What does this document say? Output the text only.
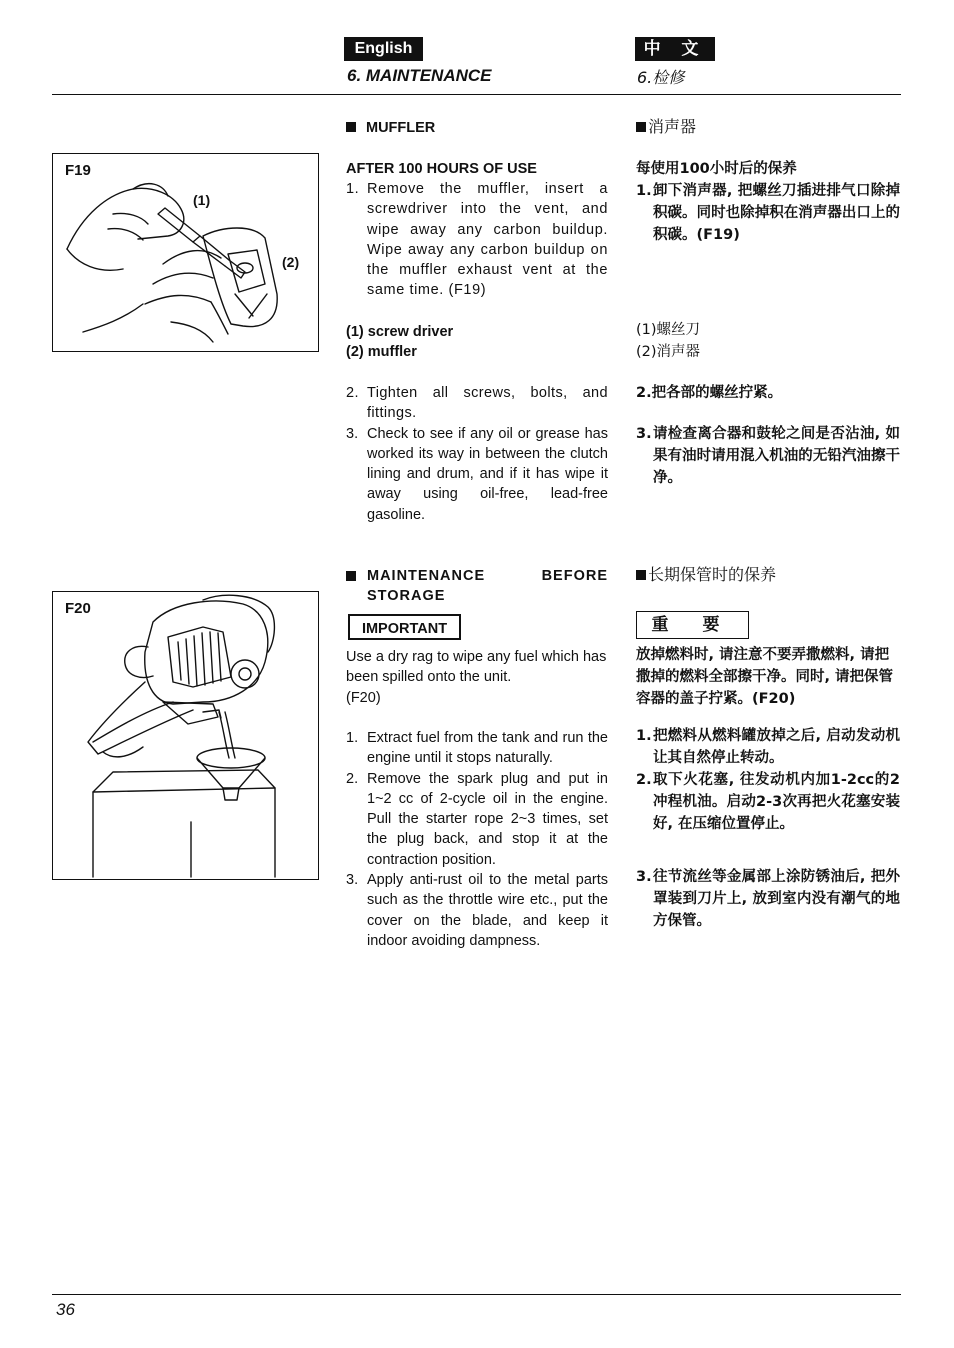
English	中 文
6. MAINTENANCE	6.检修
F19
(1)
(2)
F20
MUFFLER
AFTER 100 HOURS OF USE
1. Remove the muffler, insert a screwdriver into the vent, and wipe away any carbon buildup. Wipe away any carbon buildup on the muffler exhaust vent at the same time. (F19)
(1) screw driver
(2) muffler
2. Tighten all screws, bolts, and fittings.
3. Check to see if any oil or grease has worked its way in between the clutch lining and drum, and if it has wipe it away using oil-free, lead-free gasoline.
消声器
每使用100小时后的保养
1. 卸下消声器, 把螺丝刀插进排气口除掉积碳。同时也除掉积在消声器出口上的积碳。(F19)
(1)螺丝刀
(2)消声器
2.把各部的螺丝拧紧。
3. 请检查离合器和鼓轮之间是否沾油, 如果有油时请用混入机油的无铅汽油擦干净。
MAINTENANCE BEFORE STORAGE
IMPORTANT
Use a dry rag to wipe any fuel which has been spilled onto the unit.
(F20)
1. Extract fuel from the tank and run the engine until it stops naturally.
2. Remove the spark plug and put in 1~2 cc of 2-cycle oil in the engine. Pull the starter rope 2~3 times, set the plug back, and stop it at the contraction position.
3. Apply anti-rust oil to the metal parts such as the throttle wire etc., put the cover on the blade, and keep it indoor avoiding dampness.
长期保管时的保养
重 要
放掉燃料时, 请注意不要弄撒燃料, 请把撒掉的燃料全部擦干净。同时, 请把保管容器的盖子拧紧。(F20)
1. 把燃料从燃料罐放掉之后, 启动发动机让其自然停止转动。
2. 取下火花塞, 往发动机内加1-2cc的2冲程机油。启动2-3次再把火花塞安装好, 在压缩位置停止。
3. 往节流丝等金属部上涂防锈油后, 把外罩装到刀片上, 放到室内没有潮气的地方保管。
36
